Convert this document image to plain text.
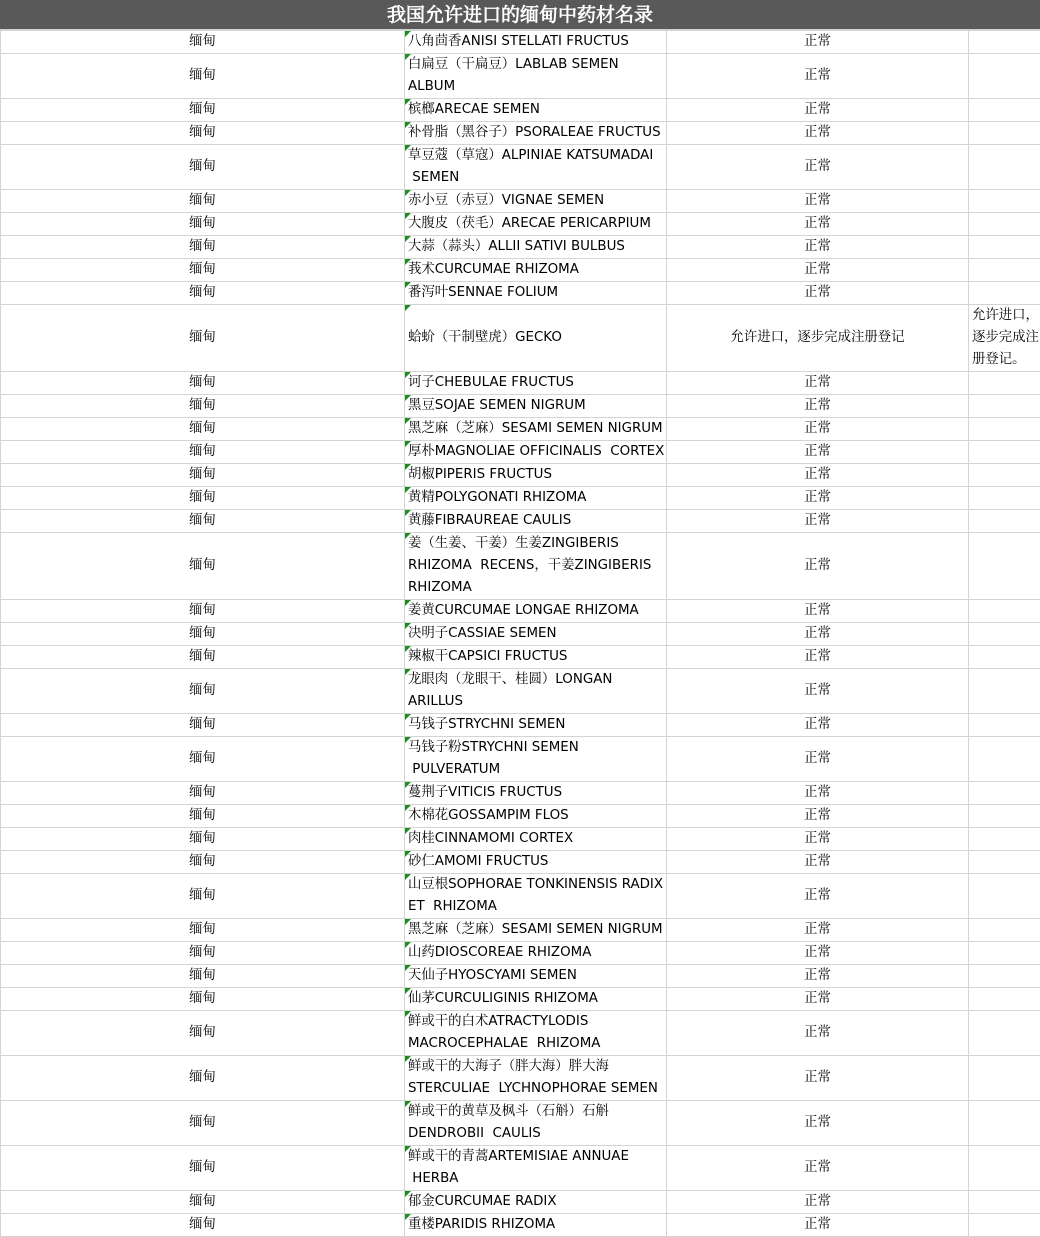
我国允许进口的缅甸中药材名录
缅甸	八角茴香ANISI STELLATI FRUCTUS	正常	
缅甸	白扁豆（干扁豆）LABLAB SEMEN ALBUM	正常	
缅甸	槟榔ARECAE SEMEN	正常	
缅甸	补骨脂（黑谷子）PSORALEAE FRUCTUS	正常	
缅甸	草豆蔻（草寇）ALPINIAE KATSUMADAI
SEMEN	正常	
缅甸	赤小豆（赤豆）VIGNAE SEMEN	正常	
缅甸	大腹皮（茯毛）ARECAE PERICARPIUM	正常	
缅甸	大蒜（蒜头）ALLII SATIVI BULBUS	正常	
缅甸	莪术CURCUMAE RHIZOMA	正常	
缅甸	番泻叶SENNAE FOLIUM	正常	
缅甸	蛤蚧（干制壁虎）GECKO	允许进口，逐步完成注册登记	允许进口，
逐步完成注
册登记。
缅甸	诃子CHEBULAE FRUCTUS	正常	
缅甸	黑豆SOJAE SEMEN NIGRUM	正常	
缅甸	黑芝麻（芝麻）SESAMI SEMEN NIGRUM	正常	
缅甸	厚朴MAGNOLIAE OFFICINALIS  CORTEX	正常	
缅甸	胡椒PIPERIS FRUCTUS	正常	
缅甸	黄精POLYGONATI RHIZOMA	正常	
缅甸	黄藤FIBRAUREAE CAULIS	正常	
缅甸	姜（生姜、干姜）生姜ZINGIBERIS RHIZOMA  RECENS，干姜ZINGIBERIS RHIZOMA	正常	
缅甸	姜黄CURCUMAE LONGAE RHIZOMA	正常	
缅甸	决明子CASSIAE SEMEN	正常	
缅甸	辣椒干CAPSICI FRUCTUS	正常	
缅甸	龙眼肉（龙眼干、桂圆）LONGAN ARILLUS	正常	
缅甸	马钱子STRYCHNI SEMEN	正常	
缅甸	马钱子粉STRYCHNI SEMEN
PULVERATUM	正常	
缅甸	蔓荆子VITICIS FRUCTUS	正常	
缅甸	木棉花GOSSAMPIM FLOS	正常	
缅甸	肉桂CINNAMOMI CORTEX	正常	
缅甸	砂仁AMOMI FRUCTUS	正常	
缅甸	山豆根SOPHORAE TONKINENSIS RADIX
ET  RHIZOMA	正常	
缅甸	黑芝麻（芝麻）SESAMI SEMEN NIGRUM	正常	
缅甸	山药DIOSCOREAE RHIZOMA	正常	
缅甸	天仙子HYOSCYAMI SEMEN	正常	
缅甸	仙茅CURCULIGINIS RHIZOMA	正常	
缅甸	鲜或干的白术ATRACTYLODIS
MACROCEPHALAE  RHIZOMA	正常	
缅甸	鲜或干的大海子（胖大海）胖大海
STERCULIAE  LYCHNOPHORAE SEMEN	正常	
缅甸	鲜或干的黄草及枫斗（石斛）石斛
DENDROBII  CAULIS	正常	
缅甸	鲜或干的青蒿ARTEMISIAE ANNUAE
HERBA	正常	
缅甸	郁金CURCUMAE RADIX	正常	
缅甸	重楼PARIDIS RHIZOMA	正常	
